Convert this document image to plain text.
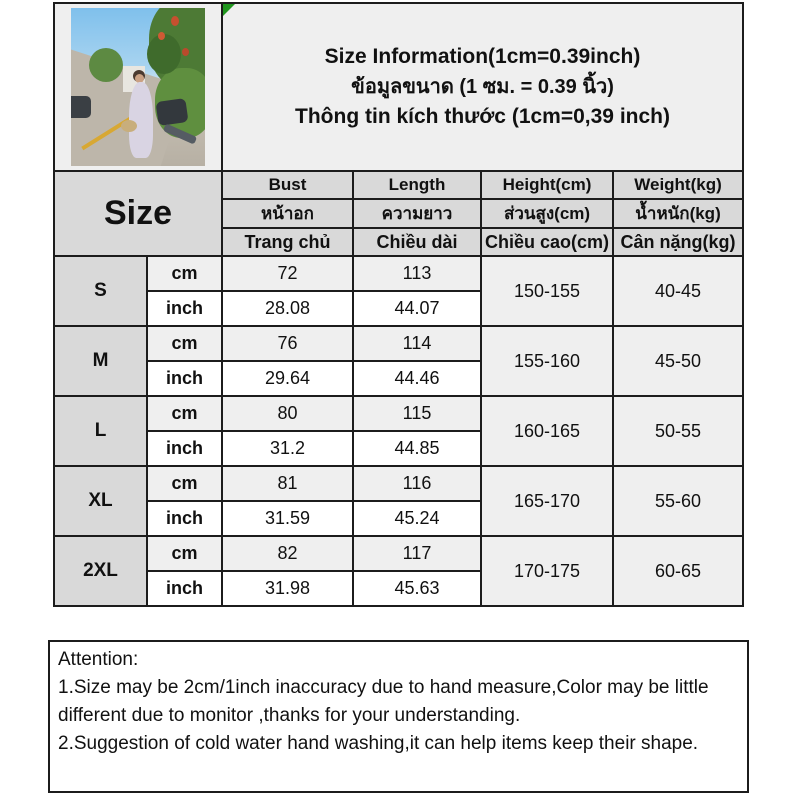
		Size Information(1cm=0.39inch)
ข้อมูลขนาด (1 ซม. = 0.39 นิ้ว)
Thông tin kích thước (1cm=0,39 inch)			

Size		Bust	Length	Height(cm)	Weight(kg)
		หน้าอก	ความยาว	ส่วนสูง(cm)	น้ำหนัก(kg)
		Trang chủ	Chiều dài	Chiều cao(cm)	Cân nặng(kg)
S	cm	72	113	150-155	40-45
	inch	28.08	44.07		
M	cm	76	114	155-160	45-50
	inch	29.64	44.46		
L	cm	80	115	160-165	50-55
	inch	31.2	44.85		
XL	cm	81	116	165-170	55-60
	inch	31.59	45.24		
2XL	cm	82	117	170-175	60-65
	inch	31.98	45.63		
Attention:
1.Size may be 2cm/1inch inaccuracy due to hand measure,Color may be little different due to monitor ,thanks for your understanding.
2.Suggestion of cold water hand washing,it can help items keep their shape.
